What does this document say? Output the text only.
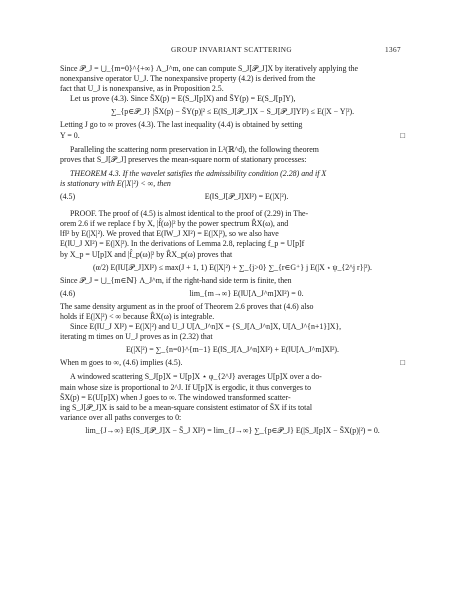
GROUP INVARIANT SCATTERING	1367

Since 𝒫_J = ⋃_{m=0}^{+∞} Λ_J^m, one can compute S_J[𝒫_J]X by iteratively applying the

nonexpansive operator U_J. The nonexpansive property (4.2) is derived from the

fact that U_J is nonexpansive, as in Proposition 2.5.

Let us prove (4.3). Since S̄X(p) = E(S_J[p]X) and S̄Y(p) = E(S_J[p]Y),

∑_{p∈𝒫_J} |S̄X(p) − S̄Y(p)|² ≤ E(‖S_J[𝒫_J]X − S_J[𝒫_J]Y‖²) ≤ E(|X − Y|²).

Letting J go to ∞ proves (4.3). The last inequality (4.4) is obtained by setting

Y = 0.	□

Paralleling the scattering norm preservation in L²(ℝ^d), the following theorem

proves that S_J[𝒫_J] preserves the mean-square norm of stationary processes:

THEOREM 4.3. If the wavelet satisfies the admissibility condition (2.28) and if X

is stationary with E(|X|²) < ∞, then

(4.5)	E(‖S_J[𝒫_J]X‖²) = E(|X|²).

PROOF. The proof of (4.5) is almost identical to the proof of (2.29) in The-

orem 2.6 if we replace f by X, |f̂(ω)|² by the power spectrum R̂X(ω), and

‖f‖² by E(|X|²). We proved that E(‖W_J X‖²) = E(|X|²), so we also have

E(‖U_J X‖²) = E(|X|²). In the derivations of Lemma 2.8, replacing f_p = U[p]f

by X_p = U[p]X and |f̂_p(ω)|² by R̂X_p(ω) proves that

(α/2) E(‖U[𝒫_J]X‖²) ≤ max(J + 1, 1) E(|X|²) + ∑_{j>0} ∑_{r∈G⁺} j E(|X ⋆ ψ_{2^j r}|²).

Since 𝒫_J = ⋃_{m∈ℕ} Λ_J^m, if the right-hand side term is finite, then

(4.6)	lim_{m→∞} E(‖U[Λ_J^m]X‖²) = 0.

The same density argument as in the proof of Theorem 2.6 proves that (4.6) also

holds if E(|X|²) < ∞ because R̂X(ω) is integrable.

Since E(‖U_J X‖²) = E(|X|²) and U_J U[Λ_J^n]X = {S_J[Λ_J^n]X, U[Λ_J^{n+1}]X},

iterating m times on U_J proves as in (2.32) that

E(|X|²) = ∑_{n=0}^{m−1} E(‖S_J[Λ_J^n]X‖²) + E(‖U[Λ_J^m]X‖²).

When m goes to ∞, (4.6) implies (4.5).	□

A windowed scattering S_J[p]X = U[p]X ⋆ φ_{2^J} averages U[p]X over a do-

main whose size is proportional to 2^J. If U[p]X is ergodic, it thus converges to

S̄X(p) = E(U[p]X) when J goes to ∞. The windowed transformed scatter-

ing S_J[𝒫_J]X is said to be a mean-square consistent estimator of S̄X if its total

variance over all paths converges to 0:

lim_{J→∞} E(‖S_J[𝒫_J]X − S̄_J X‖²) = lim_{J→∞} ∑_{p∈𝒫_J} E(|S_J[p]X − S̄X(p)|²) = 0.
